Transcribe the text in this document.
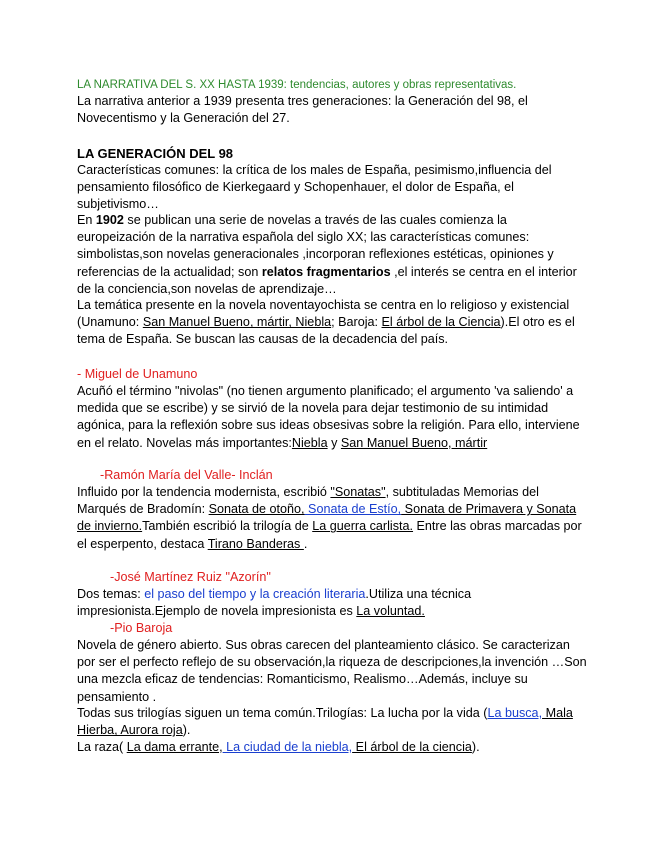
LA NARRATIVA DEL S. XX HASTA 1939: tendencias, autores y obras representativas.
La narrativa anterior a 1939 presenta tres generaciones: la Generación del 98, el Novecentismo y la Generación del 27.
LA GENERACIÓN DEL 98
Características comunes: la crítica de los males de España, pesimismo,influencia del pensamiento filosófico de Kierkegaard y Schopenhauer, el dolor de España, el subjetivismo…
En 1902 se publican una serie de novelas a través de las cuales comienza la europeización de la narrativa española del siglo XX; las características comunes: simbolistas,son novelas generacionales ,incorporan reflexiones estéticas, opiniones y referencias de la actualidad; son relatos fragmentarios ,el interés se centra en el interior de la conciencia,son novelas de aprendizaje…
La temática presente en la novela noventayochista se centra en lo religioso y existencial (Unamuno: San Manuel Bueno, mártir, Niebla; Baroja: El árbol de la Ciencia).El otro es el tema de España. Se buscan las causas de la decadencia del país.
- Miguel de Unamuno
Acuñó el término "nivolas" (no tienen argumento planificado; el argumento 'va saliendo' a medida que se escribe) y se sirvió de la novela para dejar testimonio de su intimidad agónica, para la reflexión sobre sus ideas obsesivas sobre la religión. Para ello, interviene en el relato. Novelas más importantes:Niebla y San Manuel Bueno, mártir
-Ramón María del Valle- Inclán
Influido por la tendencia modernista, escribió "Sonatas", subtituladas Memorias del Marqués de Bradomín: Sonata de otoño, Sonata de Estío, Sonata de Primavera y Sonata de invierno.También escribió la trilogía de La guerra carlista. Entre las obras marcadas por el esperpento, destaca Tirano Banderas .
-José Martínez Ruiz "Azorín"
Dos temas: el paso del tiempo y la creación literaria.Utiliza una técnica impresionista.Ejemplo de novela impresionista es La voluntad.
-Pio Baroja
Novela de género abierto. Sus obras carecen del planteamiento clásico. Se caracterizan por ser el perfecto reflejo de su observación,la riqueza de descripciones,la invención …Son una mezcla eficaz de tendencias: Romanticismo, Realismo…Además, incluye su pensamiento .
Todas sus trilogías siguen un tema común.Trilogías: La lucha por la vida (La busca, Mala Hierba, Aurora roja).
La raza( La dama errante, La ciudad de la niebla, El árbol de la ciencia).
